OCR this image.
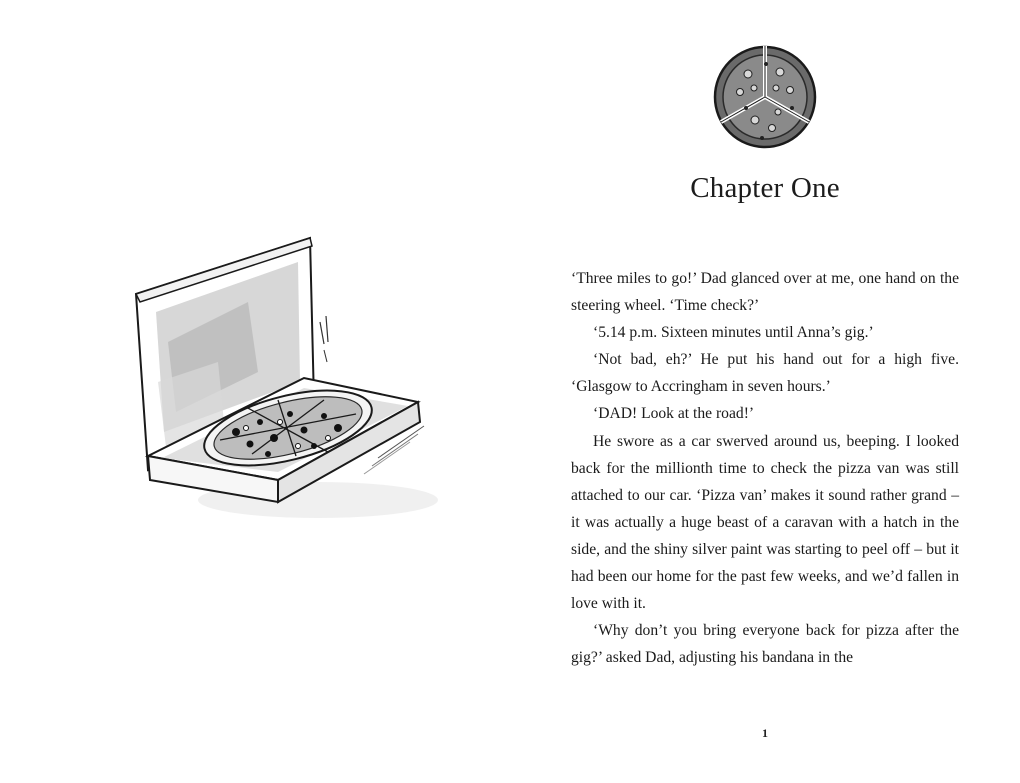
Chapter One

‘Three miles to go!’ Dad glanced over at me, one hand on the steering wheel. ‘Time check?’

‘5.14 p.m. Sixteen minutes until Anna’s gig.’

‘Not bad, eh?’ He put his hand out for a high five. ‘Glasgow to Accringham in seven hours.’

‘DAD! Look at the road!’

He swore as a car swerved around us, beeping. I looked back for the millionth time to check the pizza van was still attached to our car. ‘Pizza van’ makes it sound rather grand – it was actually a huge beast of a caravan with a hatch in the side, and the shiny silver paint was starting to peel off – but it had been our home for the past few weeks, and we’d fallen in love with it.

‘Why don’t you bring everyone back for pizza after the gig?’ asked Dad, adjusting his bandana in the

1
